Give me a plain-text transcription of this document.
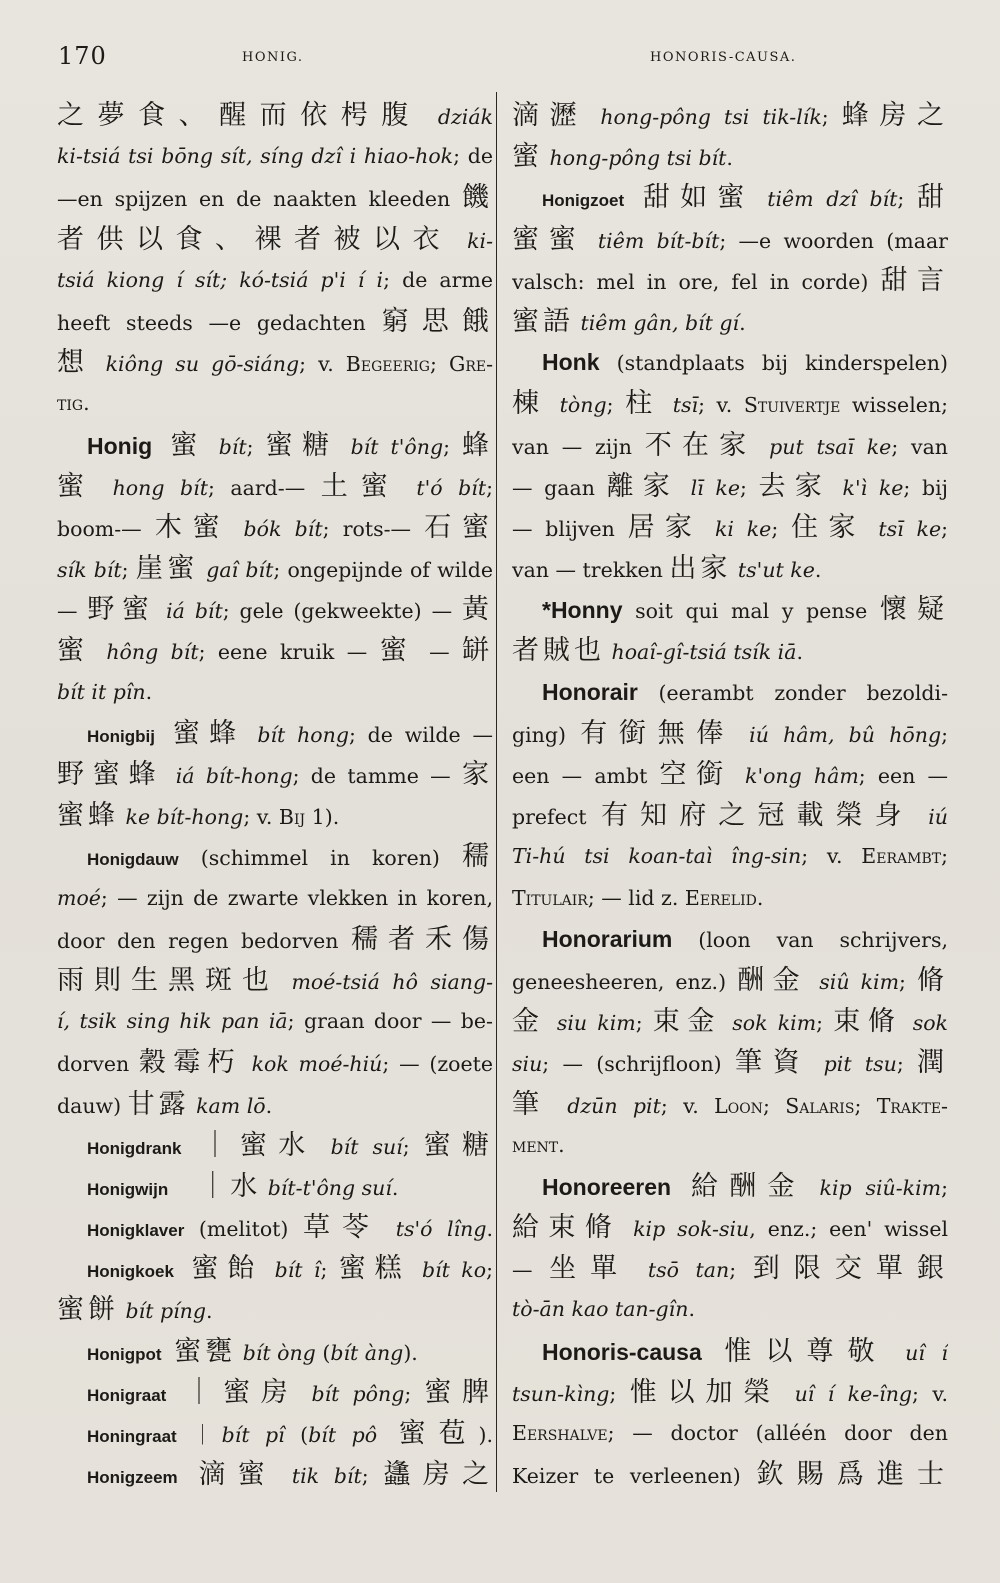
170	HONIG.	HONORIS-CAUSA.
之夢食、醒而依枵腹 dziák
ki-tsiá tsi bōng sít, síng dzî i hiao-hok; de
—en spijzen en de naakten kleeden 饑
者供以食、裸者被以衣 ki-
tsiá kiong í sít; kó-tsiá p'i í i; de arme
heeft steeds —e gedachten 窮思餓
想 kiông su gō-siáng; v. Begeerig; Gre-
tig.
Honig 蜜 bít; 蜜糖 bít t'ông; 蜂
蜜 hong bít; aard-— 土蜜 t'ó bít;
boom-— 木蜜 bók bít; rots-— 石蜜
sík bít; 崖蜜 gaî bít; ongepijnde of wilde
— 野蜜 iá bít; gele (gekweekte) — 黃
蜜 hông bít; eene kruik — 蜜 — 缾
bít it pîn.
Honigbij 蜜蜂 bít hong; de wilde —
野蜜蜂 iá bít-hong; de tamme — 家
蜜蜂 ke bít-hong; v. Bij 1).
Honigdauw (schimmel in koren) 穤
moé; — zijn de zwarte vlekken in koren,
door den regen bedorven 穤者禾傷
雨則生黑斑也 moé-tsiá hô siang-
í, tsik sing hik pan iā; graan door — be-
dorven 穀霉朽 kok moé-hiú; — (zoete
dauw) 甘露 kam lō.
Honigdrank ｜蜜水 bít suí; 蜜糖
Honigwijn　｜水 bít-t'ông suí.
Honigklaver (melitot) 草苓 ts'ó lîng.
Honigkoek 蜜飴 bít î; 蜜糕 bít ko;
蜜餅 bít píng.
Honigpot 蜜甕 bít òng (bít àng).
Honigraat ｜蜜房 bít pông; 蜜脾
Honingraat ｜bít pî (bít pô 蜜苞).
Honigzeem 滴蜜 tik bít; 蠭房之
滴瀝 hong-pông tsi tik-lík; 蜂房之
蜜 hong-pông tsi bít.
Honigzoet 甜如蜜 tiêm dzî bít; 甜
蜜蜜 tiêm bít-bít; —e woorden (maar
valsch: mel in ore, fel in corde) 甜言
蜜語 tiêm gân, bít gí.
Honk (standplaats bij kinderspelen)
棟 tòng; 柱 tsī; v. Stuivertje wisselen;
van — zijn 不在家 put tsaī ke; van
— gaan 離家 lī ke; 去家 k'ì ke; bij
— blijven 居家 ki ke; 住家 tsī ke;
van — trekken 出家 ts'ut ke.
*Honny soit qui mal y pense 懷疑
者賊也 hoaî-gî-tsiá tsík iā.
Honorair (eerambt zonder bezoldi-
ging) 有銜無俸 iú hâm, bû hōng;
een — ambt 空銜 k'ong hâm; een —
prefect 有知府之冠載榮身 iú
Ti-hú tsi koan-taì îng-sin; v. Eerambt;
Titulair; — lid z. Eerelid.
Honorarium (loon van schrijvers,
geneesheeren, enz.) 酬金 siû kim; 脩
金 siu kim; 束金 sok kim; 束脩 sok
siu; — (schrijfloon) 筆資 pit tsu; 潤
筆 dzūn pit; v. Loon; Salaris; Trakte-
ment.
Honoreeren 給酬金 kip siû-kim;
給束脩 kip sok-siu, enz.; een' wissel
— 坐單 tsō tan; 到限交單銀
tò-ān kao tan-gîn.
Honoris-causa 惟以尊敬 uî í
tsun-kìng; 惟以加榮 uî í ke-îng; v.
Eershalve; — doctor (alléén door den
Keizer te verleenen) 欽賜爲進士
